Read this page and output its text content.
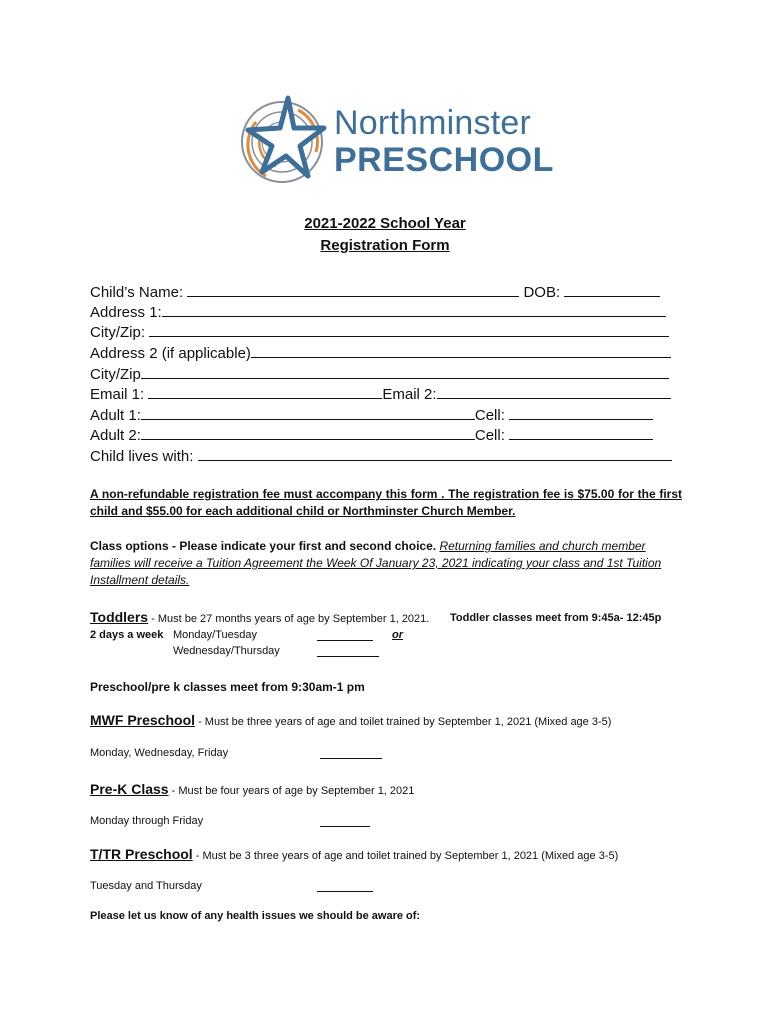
Northminster
PRESCHOOL
2021-2022 School Year
Registration Form
Child’s Name:	DOB:
Address 1:
City/Zip:
Address 2 (if applicable)
City/Zip
Email 1:	Email 2:
Adult 1:	Cell:
Adult 2:	Cell:
Child lives with:
A non-refundable registration fee must accompany this form . The registration fee is $75.00 for the first child and $55.00 for each additional child or Northminster Church Member.
Class options - Please indicate your first and second choice. Returning families and church member families will receive a Tuition Agreement the Week Of January 23, 2021 indicating your class and 1st Tuition Installment details.
Toddlers - Must be 27 months years of age by September 1, 2021. Toddler classes meet from 9:45a- 12:45p
2 days a week Monday/Tuesday	or
Wednesday/Thursday
Preschool/pre k classes meet from 9:30am-1 pm
MWF Preschool - Must be three years of age and toilet trained by September 1, 2021 (Mixed age 3-5)
Monday, Wednesday, Friday
Pre-K Class - Must be four years of age by September 1, 2021
Monday through Friday
T/TR Preschool - Must be 3 three years of age and toilet trained by September 1, 2021 (Mixed age 3-5)
Tuesday and Thursday
Please let us know of any health issues we should be aware of:
